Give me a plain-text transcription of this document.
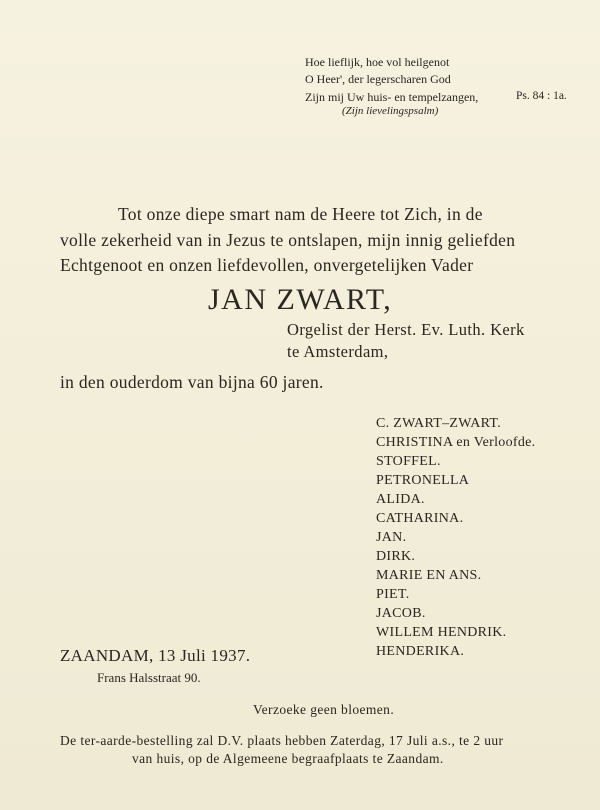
Hoe lieflijk, hoe vol heilgenot
O Heer', der legerscharen God
Zijn mij Uw huis- en tempelzangen,	Ps. 84 : 1a.
(Zijn lievelingspsalm)
Tot onze diepe smart nam de Heere tot Zich, in de
volle zekerheid van in Jezus te ontslapen, mijn innig geliefden
Echtgenoot en onzen liefdevollen, onvergetelijken Vader
JAN ZWART,
Orgelist der Herst. Ev. Luth. Kerk
te Amsterdam,
in den ouderdom van bijna 60 jaren.
C. ZWART–ZWART.
CHRISTINA en Verloofde.
STOFFEL.
PETRONELLA
ALIDA.
CATHARINA.
JAN.
DIRK.
MARIE EN ANS.
PIET.
JACOB.
WILLEM HENDRIK.
HENDERIKA.
ZAANDAM, 13 Juli 1937.
Frans Halsstraat 90.
Verzoeke geen bloemen.
De ter-aarde-bestelling zal D.V. plaats hebben Zaterdag, 17 Juli a.s., te 2 uur
van huis, op de Algemeene begraafplaats te Zaandam.
